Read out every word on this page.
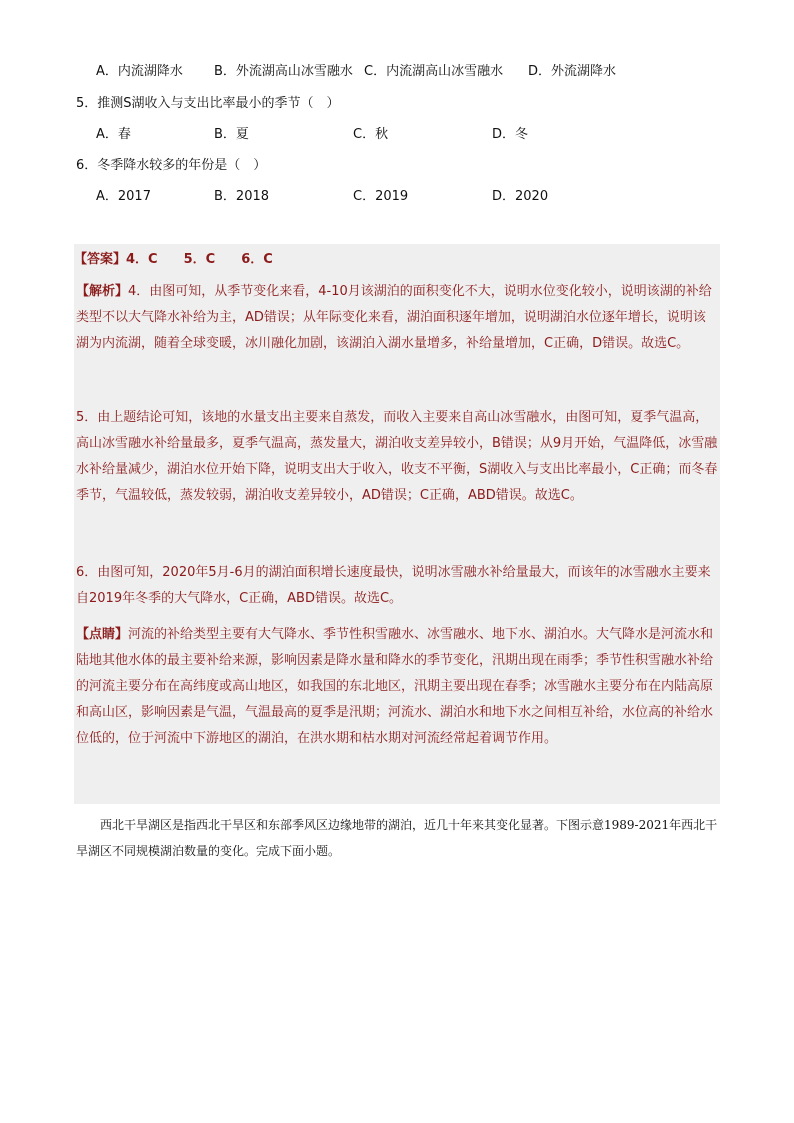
A．内流湖降水 B．外流湖高山冰雪融水 C．内流湖高山冰雪融水 D．外流湖降水
5．推测S湖收入与支出比率最小的季节（　）
A．春	B．夏	C．秋	D．冬
6．冬季降水较多的年份是（　）
A．2017	B．2018	C．2019	D．2020
【答案】4．C　　5．C　　6．C
【解析】4．由图可知，从季节变化来看，4-10月该湖泊的面积变化不大，说明水位变化较小，说明该湖的补给类型不以大气降水补给为主，AD错误；从年际变化来看，湖泊面积逐年增加，说明湖泊水位逐年增长，说明该湖为内流湖，随着全球变暖，冰川融化加剧，该湖泊入湖水量增多，补给量增加，C正确，D错误。故选C。
5．由上题结论可知，该地的水量支出主要来自蒸发，而收入主要来自高山冰雪融水，由图可知，夏季气温高，高山冰雪融水补给量最多，夏季气温高，蒸发量大，湖泊收支差异较小，B错误；从9月开始，气温降低，冰雪融水补给量减少，湖泊水位开始下降，说明支出大于收入，收支不平衡，S湖收入与支出比率最小，C正确；而冬春季节，气温较低，蒸发较弱，湖泊收支差异较小，AD错误；C正确，ABD错误。故选C。
6．由图可知，2020年5月-6月的湖泊面积增长速度最快，说明冰雪融水补给量最大，而该年的冰雪融水主要来自2019年冬季的大气降水，C正确，ABD错误。故选C。
【点睛】河流的补给类型主要有大气降水、季节性积雪融水、冰雪融水、地下水、湖泊水。大气降水是河流水和陆地其他水体的最主要补给来源，影响因素是降水量和降水的季节变化，汛期出现在雨季；季节性积雪融水补给的河流主要分布在高纬度或高山地区，如我国的东北地区，汛期主要出现在春季；冰雪融水主要分布在内陆高原和高山区，影响因素是气温，气温最高的夏季是汛期；河流水、湖泊水和地下水之间相互补给，水位高的补给水位低的，位于河流中下游地区的湖泊，在洪水期和枯水期对河流经常起着调节作用。
西北干旱湖区是指西北干旱区和东部季风区边缘地带的湖泊，近几十年来其变化显著。下图示意1989-2021年西北干旱湖区不同规模湖泊数量的变化。完成下面小题。
